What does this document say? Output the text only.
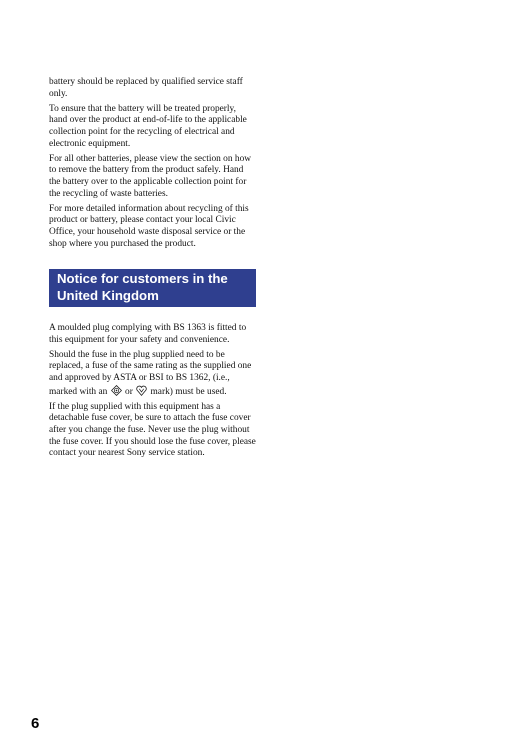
battery should be replaced by qualified service staff only.

To ensure that the battery will be treated properly, hand over the product at end-of-life to the applicable collection point for the recycling of electrical and electronic equipment.

For all other batteries, please view the section on how to remove the battery from the product safely. Hand the battery over to the applicable collection point for the recycling of waste batteries.

For more detailed information about recycling of this product or battery, please contact your local Civic Office, your household waste disposal service or the shop where you purchased the product.

Notice for customers in the United Kingdom

A moulded plug complying with BS 1363 is fitted to this equipment for your safety and convenience.

Should the fuse in the plug supplied need to be replaced, a fuse of the same rating as the supplied one and approved by ASTA or BSI to BS 1362, (i.e., marked with an or mark) must be used.

If the plug supplied with this equipment has a detachable fuse cover, be sure to attach the fuse cover after you change the fuse. Never use the plug without the fuse cover. If you should lose the fuse cover, please contact your nearest Sony service station.

6
